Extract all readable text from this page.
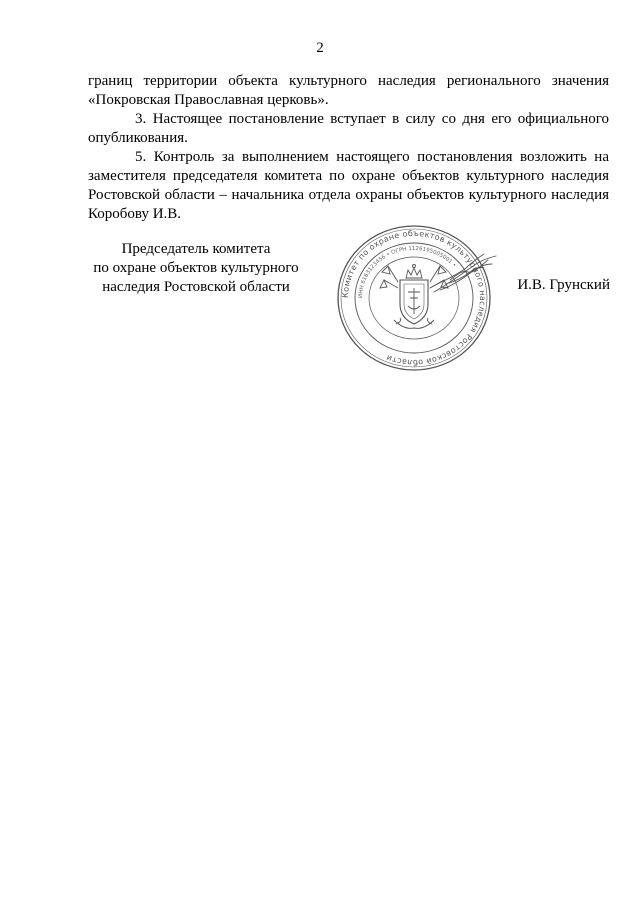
2

границ территории объекта культурного наследия регионального значения «Покровская Православная церковь».

3. Настоящее постановление вступает в силу со дня его официального опубликования.

5. Контроль за выполнением настоящего постановления возложить на заместителя председателя комитета по охране объектов культурного наследия Ростовской области – начальника отдела охраны объектов культурного наследия Коробову И.В.

Председатель комитета
по охране объектов культурного
наследия Ростовской области	Комитет по охране объектов культурного наследия Ростовской области
ИНН 6163123456 • ОГРН 1126195005001 •
И.В. Грунский
